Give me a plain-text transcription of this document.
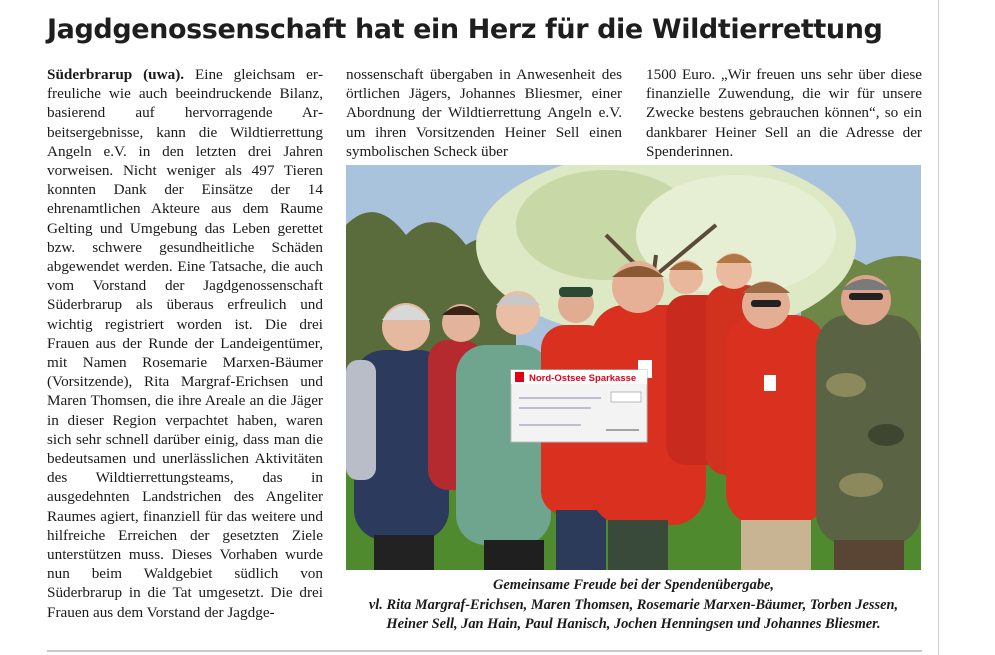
Jagdgenossenschaft hat ein Herz für die Wildtierrettung

Süderbrarup (uwa). Eine gleichsam erfreuliche wie auch beeindruckende Bilanz, basierend auf hervorragende Arbeitsergebnisse, kann die Wildtierrettung Angeln e.V. in den letzten drei Jahren vorweisen. Nicht weniger als 497 Tieren konnten Dank der Einsätze der 14 ehrenamtlichen Akteure aus dem Raume Gelting und Umgebung das Leben gerettet bzw. schwere gesundheitliche Schäden abgewendet werden. Eine Tatsache, die auch vom Vorstand der Jagdgenossenschaft Süderbrarup als überaus erfreulich und wichtig registriert worden ist. Die drei Frauen aus der Runde der Landeigentümer, mit Namen Rosemarie Marxen-Bäumer (Vorsitzende), Rita Margraf-Erichsen und Maren Thomsen, die ihre Areale an die Jäger in dieser Region verpachtet haben, waren sich sehr schnell darüber einig, dass man die bedeutsamen und unerlässlichen Aktivitäten des Wildtierrettungsteams, das in ausgedehnten Landstrichen des Angeliter Raumes agiert, finanziell für das weitere und hilfreiche Erreichen der gesetzten Ziele unterstützen muss. Dieses Vorhaben wurde nun beim Waldgebiet südlich von Süderbrarup in die Tat umgesetzt. Die drei Frauen aus dem Vorstand der Jagdge-

nossenschaft übergaben in Anwesenheit des örtlichen Jägers, Johannes Bliesmer, einer Abordnung der Wildtierrettung Angeln e.V. um ihren Vorsitzenden Heiner Sell einen symbolischen Scheck über

1500 Euro. „Wir freuen uns sehr über diese finanzielle Zuwendung, die wir für unsere Zwecke bestens gebrauchen können“, so ein dankbarer Heiner Sell an die Adresse der Spenderinnen.

Nord-Ostsee Sparkasse

Gemeinsame Freude bei der Spendenübergabe,
vl. Rita Margraf-Erichsen, Maren Thomsen, Rosemarie Marxen-Bäumer, Torben Jessen,
Heiner Sell, Jan Hain, Paul Hanisch, Jochen Henningsen und Johannes Bliesmer.
